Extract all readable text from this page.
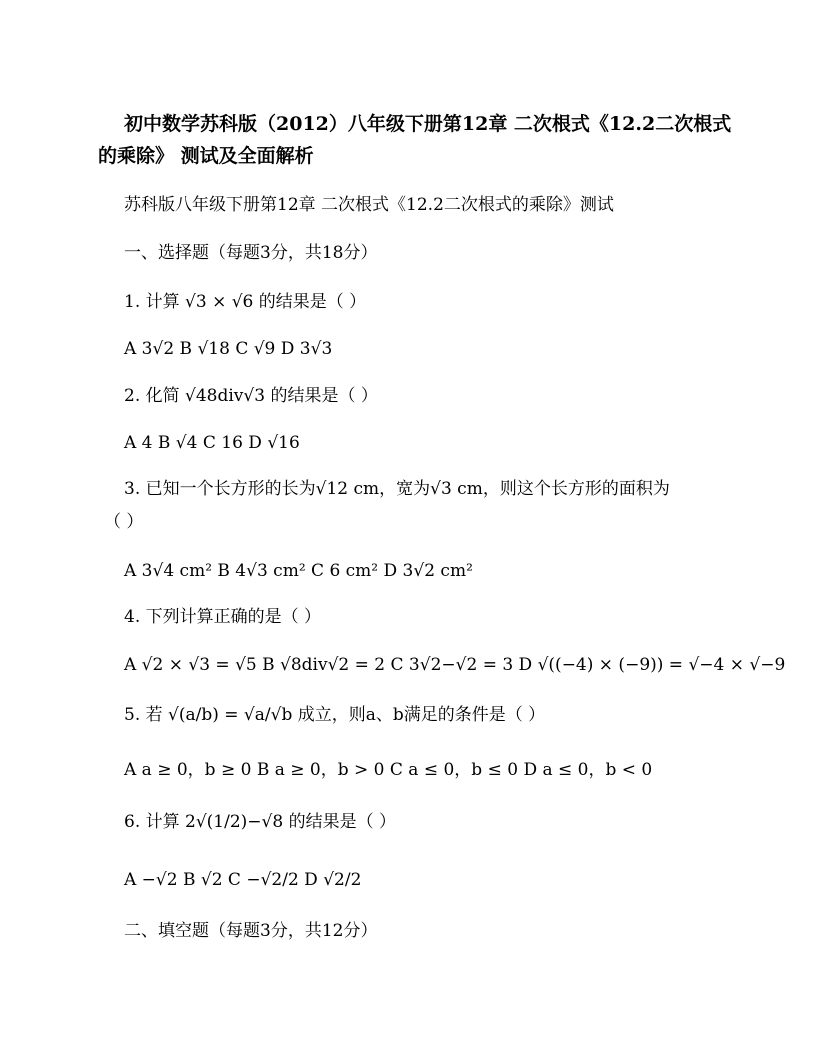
初中数学苏科版（2012）八年级下册第12章 二次根式《12.2二次根式的乘除》 测试及全面解析
苏科版八年级下册第12章 二次根式《12.2二次根式的乘除》测试
一、选择题（每题3分，共18分）
1. 计算 √3 × √6 的结果是（ ）
A 3√2 B √18 C √9 D 3√3
2. 化简 √48div√3 的结果是（ ）
A 4 B √4 C 16 D √16
3. 已知一个长方形的长为√12 cm，宽为√3 cm，则这个长方形的面积为
（ ）
A 3√4 cm² B 4√3 cm² C 6 cm² D 3√2 cm²
4. 下列计算正确的是（ ）
A √2 × √3 = √5 B √8div√2 = 2 C 3√2−√2 = 3 D √((−4) × (−9)) = √−4 × √−9
5. 若 √(a/b) = √a/√b 成立，则a、b满足的条件是（ ）
A a ≥ 0，b ≥ 0 B a ≥ 0，b > 0 C a ≤ 0，b ≤ 0 D a ≤ 0，b < 0
6. 计算 2√(1/2)−√8 的结果是（ ）
A −√2 B √2 C −√2/2 D √2/2
二、填空题（每题3分，共12分）
